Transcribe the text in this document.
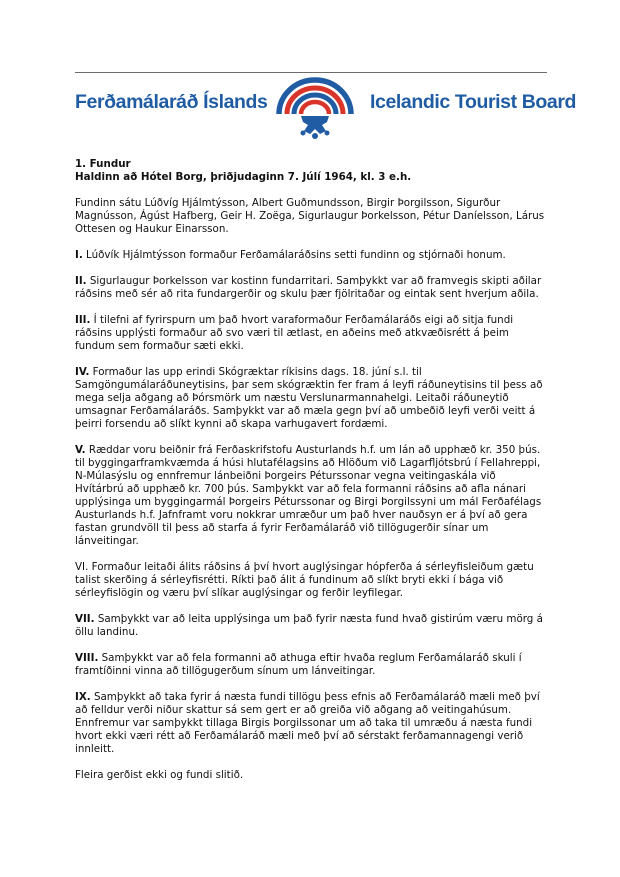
Ferðamálaráð Íslands	Icelandic Tourist Board
1. Fundur
Haldinn að Hótel Borg, þriðjudaginn 7. Júlí 1964, kl. 3 e.h.
Fundinn sátu Lúðvíg Hjálmtýsson, Albert Guðmundsson, Birgir Þorgilsson, Sigurður Magnússon, Ágúst Hafberg, Geir H. Zoëga, Sigurlaugur Þorkelsson, Pétur Daníelsson, Lárus Ottesen og Haukur Einarsson.
I. Lúðvík Hjálmtýsson formaður Ferðamálaráðsins setti fundinn og stjórnaði honum.
II. Sigurlaugur Þorkelsson var kostinn fundarritari. Samþykkt var að framvegis skipti aðilar ráðsins með sér að rita fundargerðir og skulu þær fjölritaðar og eintak sent hverjum aðila.
III. Í tilefni af fyrirspurn um það hvort varaformaður Ferðamálaráðs eigi að sitja fundi ráðsins upplýsti formaður að svo væri til ætlast, en aðeins með atkvæðisrétt á þeim fundum sem formaður sæti ekki.
IV. Formaður las upp erindi Skógræktar ríkisins dags. 18. júní s.l. til Samgöngumálaráðuneytisins, þar sem skógræktin fer fram á leyfi ráðuneytisins til þess að mega selja aðgang að Þórsmörk um næstu Verslunarmannahelgi. Leitaði ráðuneytið umsagnar Ferðamálaráðs. Samþykkt var að mæla gegn því að umbeðið leyfi verði veitt á þeirri forsendu að slíkt kynni að skapa varhugavert fordæmi.
V. Ræddar voru beiðnir frá Ferðaskrifstofu Austurlands h.f. um lán að upphæð kr. 350 þús. til byggingarframkvæmda á húsi hlutafélagsins að Hlöðum við Lagarfljótsbrú í Fellahreppi, N-Múlasýslu og ennfremur lánbeiðni Þorgeirs Péturssonar vegna veitingaskála við Hvítárbrú að upphæð kr. 700 þús. Samþykkt var að fela formanni ráðsins að afla nánari upplýsinga um byggingarmál Þorgeirs Péturssonar og Birgi Þorgilssyni um mál Ferðafélags Austurlands h.f. Jafnframt voru nokkrar umræður um það hver nauðsyn er á því að gera fastan grundvöll til þess að starfa á fyrir Ferðamálaráð við tillögugerðir sínar um lánveitingar.
VI. Formaður leitaði álits ráðsins á því hvort auglýsingar hópferða á sérleyfisleiðum gætu talist skerðing á sérleyfisrétti. Ríkti það álit á fundinum að slíkt bryti ekki í bága við sérleyfislögin og væru því slíkar auglýsingar og ferðir leyfilegar.
VII. Samþykkt var að leita upplýsinga um það fyrir næsta fund hvað gistirúm væru mörg á öllu landinu.
VIII. Samþykkt var að fela formanni að athuga eftir hvaða reglum Ferðamálaráð skuli í framtíðinni vinna að tillögugerðum sínum um lánveitingar.
IX. Samþykkt að taka fyrir á næsta fundi tillögu þess efnis að Ferðamálaráð mæli með því að felldur verði niður skattur sá sem gert er að greiða við aðgang að veitingahúsum. Ennfremur var samþykkt tillaga Birgis Þorgilssonar um að taka til umræðu á næsta fundi hvort ekki væri rétt að Ferðamálaráð mæli með því að sérstakt ferðamannagengi verið innleitt.
Fleira gerðist ekki og fundi slitið.
